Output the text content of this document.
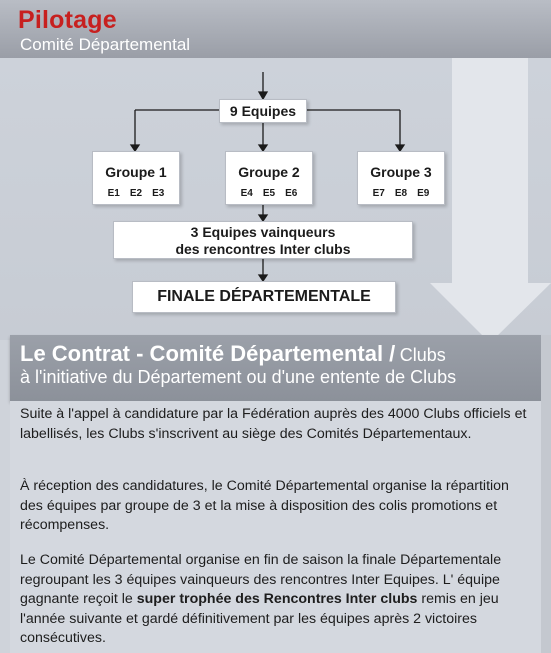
Pilotage
Comité Départemental
9 Equipes
Groupe 1
E1 E2 E3
Groupe 2
E4 E5 E6
Groupe 3
E7 E8 E9
3 Equipes vainqueurs
des rencontres Inter clubs
FINALE DÉPARTEMENTALE
Le Contrat - Comité Départemental / Clubs
à l'initiative du Département ou d'une entente de Clubs
Suite à l'appel à candidature par la Fédération auprès des 4000 Clubs officiels et labellisés, les Clubs s'inscrivent au siège des Comités Départementaux.
À réception des candidatures, le Comité Départemental organise la répartition des équipes par groupe de 3 et la mise à disposition des colis promotions et récompenses.
Le Comité Départemental organise en fin de saison la finale Départementale regroupant les 3 équipes vainqueurs des rencontres Inter Equipes. L' équipe gagnante reçoit le super trophée des Rencontres Inter clubs remis en jeu l'année suivante et gardé définitivement par les équipes après 2 victoires consécutives.
